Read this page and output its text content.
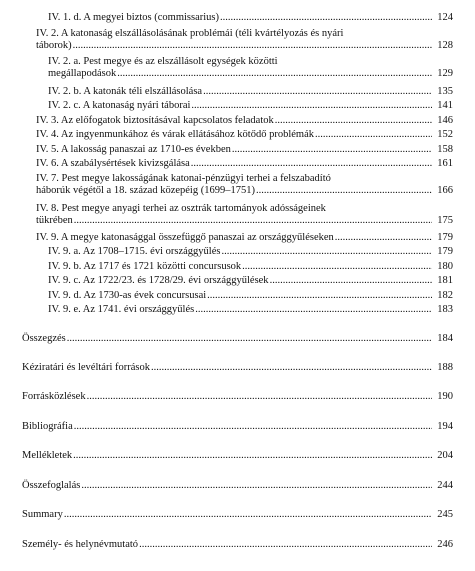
IV. 1. d. A megyei biztos (commissarius) .....	124
IV. 2. A katonaság elszállásolásának problémái (téli kvártélyozás és nyári
táborok) .....	128
IV. 2. a. Pest megye és az elszállásolt egységek közötti
megállapodások .....	129
IV. 2. b. A katonák téli elszállásolása .....	135
IV. 2. c. A katonaság nyári táborai .....	141
IV. 3. Az előfogatok biztosításával kapcsolatos feladatok .....	146
IV. 4. Az ingyenmunkához és várak ellátásához kötődő problémák .....	152
IV. 5. A lakosság panaszai az 1710-es években .....	158
IV. 6. A szabálysértések kivizsgálása .....	161
IV. 7. Pest megye lakosságának katonai-pénzügyi terhei a felszabadító
háborúk végétől a 18. század közepéig (1699–1751) .....	166
IV. 8. Pest megye anyagi terhei az osztrák tartományok adósságeinek
tükrében .....	175
IV. 9. A megye katonasággal összefüggő panaszai az országgyűléseken .....	179
IV. 9. a. Az 1708–1715. évi országgyűlés .....	179
IV. 9. b. Az 1717 és 1721 közötti concursusok .....	180
IV. 9. c. Az 1722/23. és 1728/29. évi országgyűlések .....	181
IV. 9. d. Az 1730-as évek concursusai .....	182
IV. 9. e. Az 1741. évi országgyűlés .....	183
Összegzés .....	184
Kéziratári és levéltári források .....	188
Forrásközlések .....	190
Bibliográfia .....	194
Mellékletek .....	204
Összefoglalás .....	244
Summary .....	245
Személy- és helynévmutató .....	246
